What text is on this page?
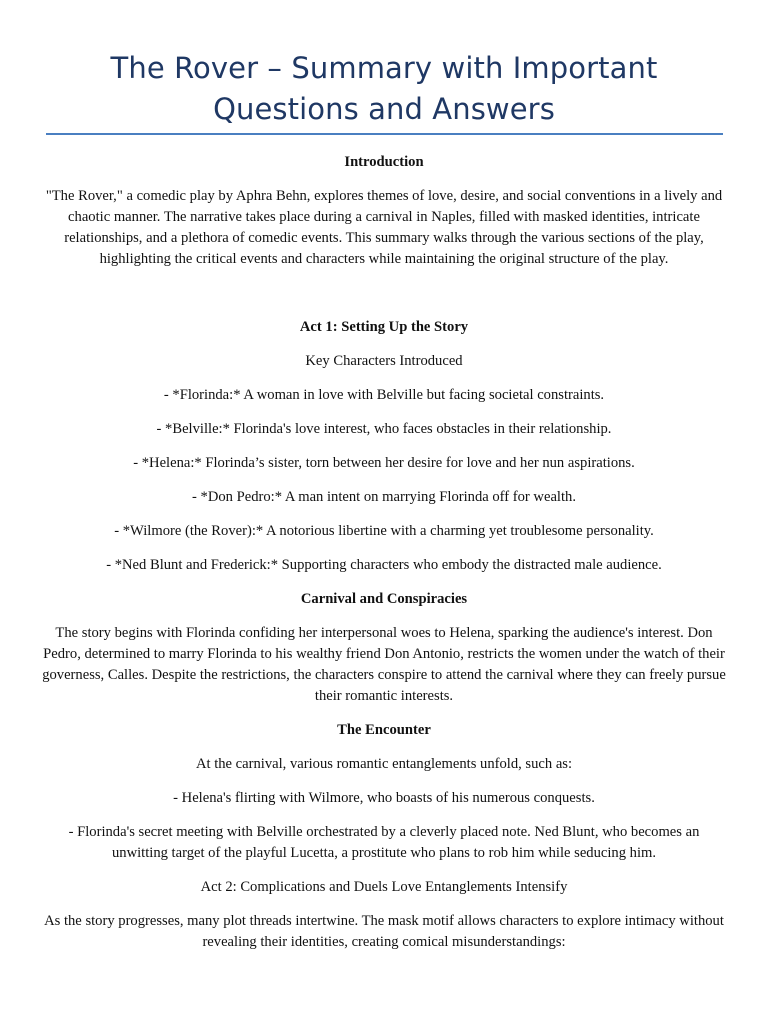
The Rover – Summary with Important Questions and Answers

Introduction

"The Rover," a comedic play by Aphra Behn, explores themes of love, desire, and social conventions in a lively and chaotic manner. The narrative takes place during a carnival in Naples, filled with masked identities, intricate relationships, and a plethora of comedic events. This summary walks through the various sections of the play, highlighting the critical events and characters while maintaining the original structure of the play.

Act 1: Setting Up the Story

Key Characters Introduced

- *Florinda:* A woman in love with Belville but facing societal constraints.

- *Belville:* Florinda's love interest, who faces obstacles in their relationship.

- *Helena:* Florinda’s sister, torn between her desire for love and her nun aspirations.

- *Don Pedro:* A man intent on marrying Florinda off for wealth.

- *Wilmore (the Rover):* A notorious libertine with a charming yet troublesome personality.

- *Ned Blunt and Frederick:* Supporting characters who embody the distracted male audience.

Carnival and Conspiracies

The story begins with Florinda confiding her interpersonal woes to Helena, sparking the audience's interest. Don Pedro, determined to marry Florinda to his wealthy friend Don Antonio, restricts the women under the watch of their governess, Calles. Despite the restrictions, the characters conspire to attend the carnival where they can freely pursue their romantic interests.

The Encounter

At the carnival, various romantic entanglements unfold, such as:

- Helena's flirting with Wilmore, who boasts of his numerous conquests.

- Florinda's secret meeting with Belville orchestrated by a cleverly placed note. Ned Blunt, who becomes an unwitting target of the playful Lucetta, a prostitute who plans to rob him while seducing him.

Act 2: Complications and Duels Love Entanglements Intensify

As the story progresses, many plot threads intertwine. The mask motif allows characters to explore intimacy without revealing their identities, creating comical misunderstandings:
